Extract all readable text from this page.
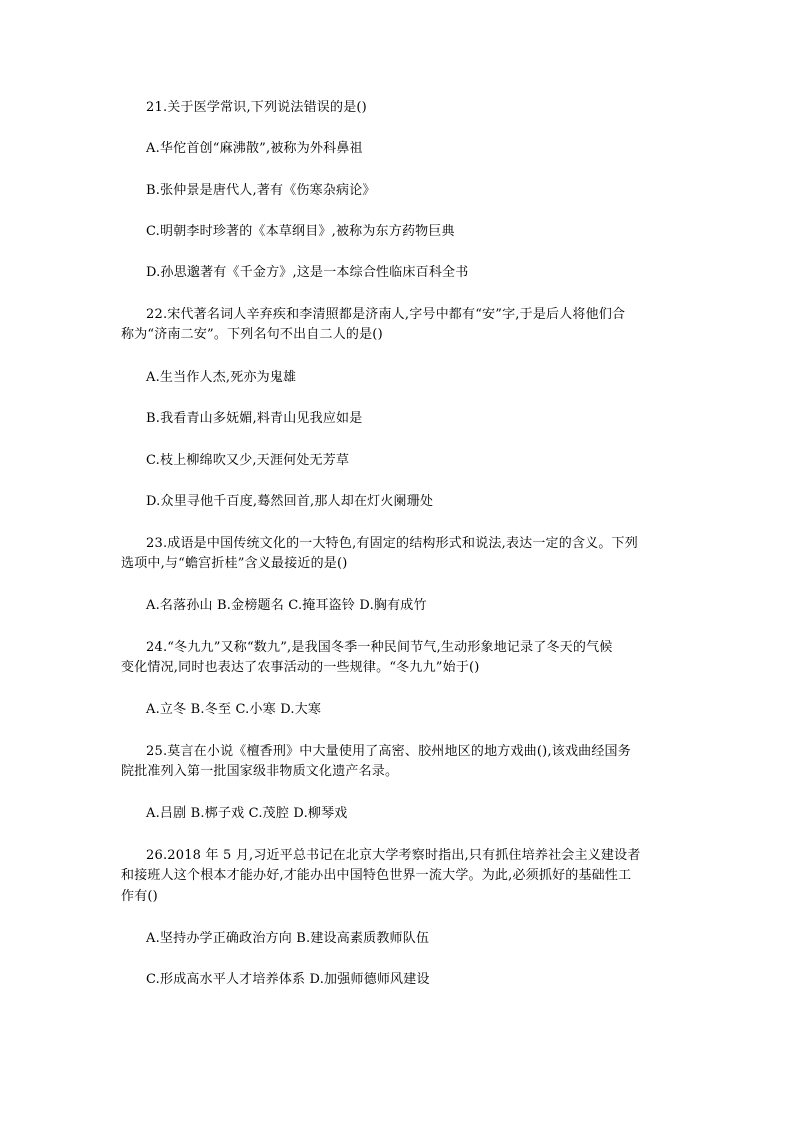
21.关于医学常识,下列说法错误的是()
A.华佗首创“麻沸散”,被称为外科鼻祖
B.张仲景是唐代人,著有《伤寒杂病论》
C.明朝李时珍著的《本草纲目》,被称为东方药物巨典
D.孙思邈著有《千金方》,这是一本综合性临床百科全书
22.宋代著名词人辛弃疾和李清照都是济南人,字号中都有“安”字,于是后人将他们合
称为“济南二安”。下列名句不出自二人的是()
A.生当作人杰,死亦为鬼雄
B.我看青山多妩媚,料青山见我应如是
C.枝上柳绵吹又少,天涯何处无芳草
D.众里寻他千百度,蓦然回首,那人却在灯火阑珊处
23.成语是中国传统文化的一大特色,有固定的结构形式和说法,表达一定的含义。下列
选项中,与“蟾宫折桂”含义最接近的是()
A.名落孙山 B.金榜题名 C.掩耳盗铃 D.胸有成竹
24.“冬九九”又称“数九”,是我国冬季一种民间节气,生动形象地记录了冬天的气候
变化情况,同时也表达了农事活动的一些规律。“冬九九”始于()
A.立冬 B.冬至 C.小寒 D.大寒
25.莫言在小说《檀香刑》中大量使用了高密、胶州地区的地方戏曲(),该戏曲经国务
院批准列入第一批国家级非物质文化遗产名录。
A.吕剧 B.梆子戏 C.茂腔 D.柳琴戏
26.2018 年 5 月,习近平总书记在北京大学考察时指出,只有抓住培养社会主义建设者
和接班人这个根本才能办好,才能办出中国特色世界一流大学。为此,必须抓好的基础性工
作有()
A.坚持办学正确政治方向 B.建设高素质教师队伍
C.形成高水平人才培养体系 D.加强师德师风建设
